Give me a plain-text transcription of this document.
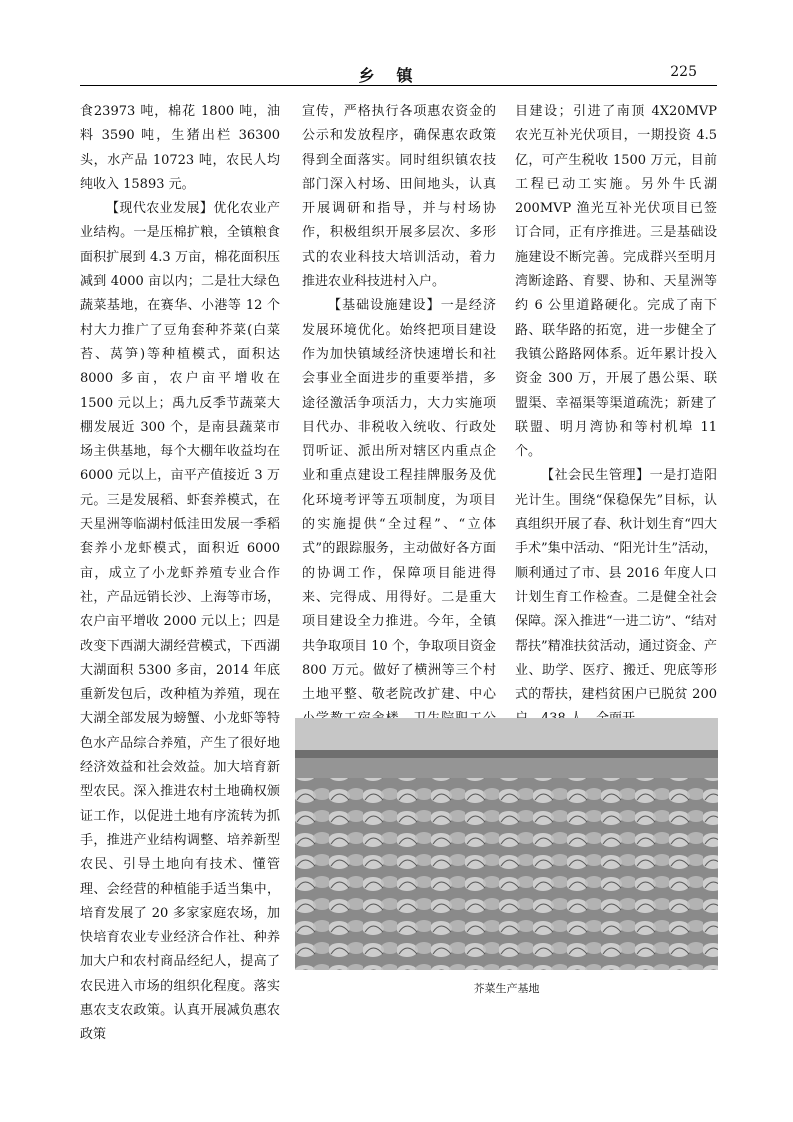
乡镇	225

食23973 吨，棉花 1800 吨，油料 3590 吨，生猪出栏 36300 头，水产品 10723 吨，农民人均纯收入 15893 元。

【现代农业发展】优化农业产业结构。一是压棉扩粮，全镇粮食面积扩展到 4.3 万亩，棉花面积压减到 4000 亩以内；二是壮大绿色蔬菜基地，在赛华、小港等 12 个村大力推广了豆角套种芥菜(白菜苔、莴笋)等种植模式，面积达 8000 多亩，农户亩平增收在 1500 元以上；禹九反季节蔬菜大棚发展近 300 个，是南县蔬菜市场主供基地，每个大棚年收益均在 6000 元以上，亩平产值接近 3 万元。三是发展稻、虾套养模式，在天星洲等临湖村低洼田发展一季稻套养小龙虾模式，面积近 6000 亩，成立了小龙虾养殖专业合作社，产品远销长沙、上海等市场，农户亩平增收 2000 元以上；四是改变下西湖大湖经营模式，下西湖大湖面积 5300 多亩，2014 年底重新发包后，改种植为养殖，现在大湖全部发展为螃蟹、小龙虾等特色水产品综合养殖，产生了很好地经济效益和社会效益。加大培育新型农民。深入推进农村土地确权颁证工作，以促进土地有序流转为抓手，推进产业结构调整、培养新型农民、引导土地向有技术、懂管理、会经营的种植能手适当集中，培育发展了 20 多家家庭农场，加快培育农业专业经济合作社、种养加大户和农村商品经纪人，提高了农民进入市场的组织化程度。落实惠农支农政策。认真开展减负惠农政策

宣传，严格执行各项惠农资金的公示和发放程序，确保惠农政策得到全面落实。同时组织镇农技部门深入村场、田间地头，认真开展调研和指导，并与村场协作，积极组织开展多层次、多形式的农业科技大培训活动，着力推进农业科技进村入户。

【基础设施建设】一是经济发展环境优化。始终把项目建设作为加快镇域经济快速增长和社会事业全面进步的重要举措，多途径激活争项活力，大力实施项目代办、非税收入统收、行政处罚听证、派出所对辖区内重点企业和重点建设工程挂牌服务及优化环境考评等五项制度，为项目的实施提供“全过程”、“立体式”的跟踪服务，主动做好各方面的协调工作，保障项目能进得来、完得成、用得好。二是重大项目建设全力推进。今年，全镇共争取项目 10 个，争取项目资金 800 万元。做好了横洲等三个村土地平整、敬老院改扩建、中心

目建设；引进了南顶 4X20MVP 农光互补光伏项目，一期投资 4.5 亿，可产生税收 1500 万元，目前工程已动工实施。另外牛氏湖 200MVP 渔光互补光伏项目已签订合同，正有序推进。三是基础设施建设不断完善。完成群兴至明月湾断途路、育婴、协和、天星洲等约 6 公里道路硬化。完成了南下路、联华路的拓宽，进一步健全了我镇公路路网体系。近年累计投入资金 300 万，开展了愚公渠、联盟渠、幸福渠等渠道疏洗；新建了联盟、明月湾协和等村机埠 11 个。

【社会民生管理】一是打造阳光计生。围绕“保稳保先”目标，认真组织开展了春、秋计划生育“四大手术”集中活动、“阳光计生”活动，顺利通过了市、县 2016 年度人口计划生育工作检查。二是健全社会保障。深入推进“一进二访”、“结对帮扶”精准扶贫活动，通过资金、产业、助学、医疗、搬迁、兜底等形式的帮扶，建档贫困户已脱贫 200

芥菜生产基地
